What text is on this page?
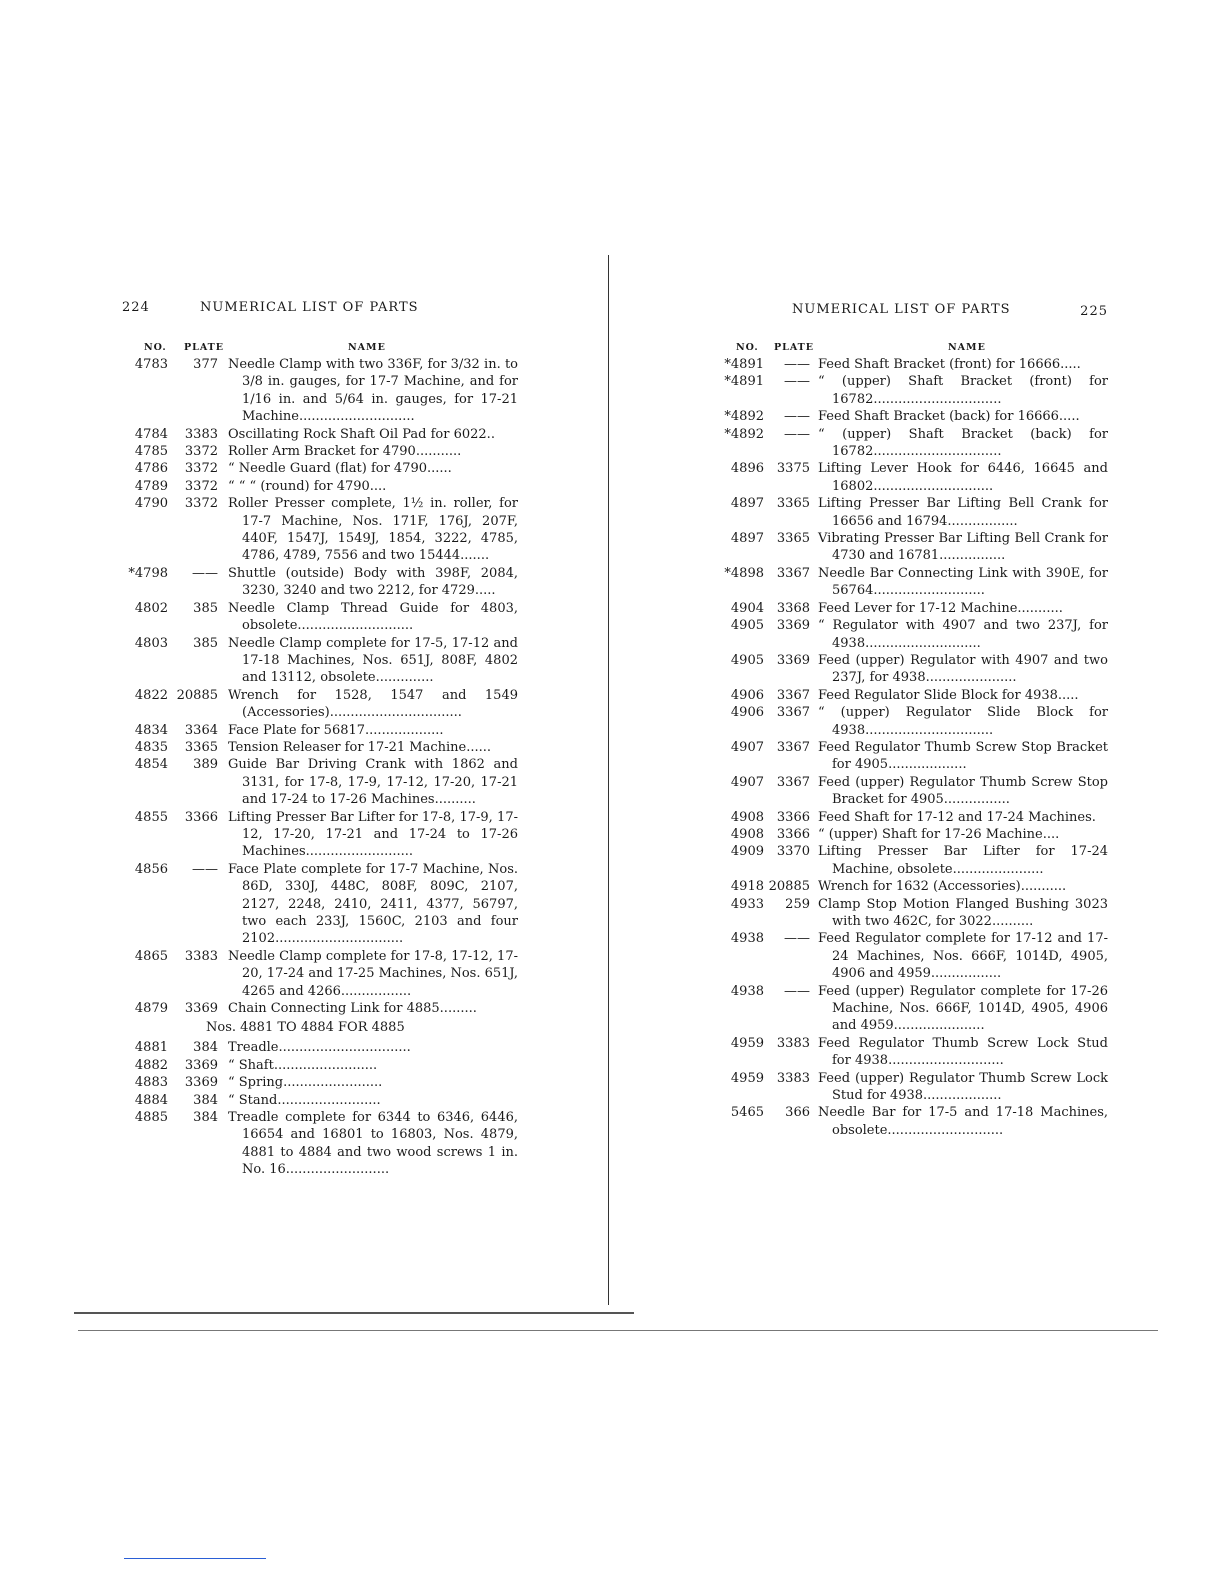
224	NUMERICAL LIST OF PARTS
NO. PLATE	NAME
4783	377 Needle Clamp with two 336F, for 3/32 in. to 3/8 in. gauges, for 17-7 Machine, and for 1/16 in. and 5/64 in. gauges, for 17-21 Machine............................
4784	3383 Oscillating Rock Shaft Oil Pad for 6022..
4785	3372 Roller Arm Bracket for 4790...........
4786	3372 “ Needle Guard (flat) for 4790......
4789	3372 “ “ “ (round) for 4790....
4790	3372 Roller Presser complete, 1½ in. roller, for 17-7 Machine, Nos. 171F, 176J, 207F, 440F, 1547J, 1549J, 1854, 3222, 4785, 4786, 4789, 7556 and two 15444.......
*4798	—— Shuttle (outside) Body with 398F, 2084, 3230, 3240 and two 2212, for 4729.....
4802	385 Needle Clamp Thread Guide for 4803, obsolete............................
4803	385 Needle Clamp complete for 17-5, 17-12 and 17-18 Machines, Nos. 651J, 808F, 4802 and 13112, obsolete..............
4822 20885 Wrench for 1528, 1547 and 1549 (Accessories)................................
4834	3364 Face Plate for 56817...................
4835	3365 Tension Releaser for 17-21 Machine......
4854	389 Guide Bar Driving Crank with 1862 and 3131, for 17-8, 17-9, 17-12, 17-20, 17-21 and 17-24 to 17-26 Machines..........
4855	3366 Lifting Presser Bar Lifter for 17-8, 17-9, 17-12, 17-20, 17-21 and 17-24 to 17-26 Machines..........................
4856	—— Face Plate complete for 17-7 Machine, Nos. 86D, 330J, 448C, 808F, 809C, 2107, 2127, 2248, 2410, 2411, 4377, 56797, two each 233J, 1560C, 2103 and four 2102...............................
4865	3383 Needle Clamp complete for 17-8, 17-12, 17-20, 17-24 and 17-25 Machines, Nos. 651J, 4265 and 4266.................
4879	3369 Chain Connecting Link for 4885.........
Nos. 4881 TO 4884 FOR 4885
4881	384 Treadle................................
4882	3369 “ Shaft.........................
4883	3369 “ Spring........................
4884	384 “ Stand.........................
4885	384 Treadle complete for 6344 to 6346, 6446, 16654 and 16801 to 16803, Nos. 4879, 4881 to 4884 and two wood screws 1 in. No. 16.........................
NUMERICAL LIST OF PARTS	225
NO. PLATE	NAME
*4891	—— Feed Shaft Bracket (front) for 16666.....
*4891	—— “ (upper) Shaft Bracket (front) for 16782...............................
*4892	—— Feed Shaft Bracket (back) for 16666.....
*4892	—— “ (upper) Shaft Bracket (back) for 16782...............................
4896 3375 Lifting Lever Hook for 6446, 16645 and 16802.............................
4897 3365 Lifting Presser Bar Lifting Bell Crank for 16656 and 16794.................
4897 3365 Vibrating Presser Bar Lifting Bell Crank for 4730 and 16781................
*4898 3367 Needle Bar Connecting Link with 390E, for 56764...........................
4904 3368 Feed Lever for 17-12 Machine...........
4905 3369 “ Regulator with 4907 and two 237J, for 4938............................
4905 3369 Feed (upper) Regulator with 4907 and two 237J, for 4938......................
4906 3367 Feed Regulator Slide Block for 4938.....
4906 3367 “ (upper) Regulator Slide Block for 4938...............................
4907 3367 Feed Regulator Thumb Screw Stop Bracket for 4905...................
4907 3367 Feed (upper) Regulator Thumb Screw Stop Bracket for 4905................
4908 3366 Feed Shaft for 17-12 and 17-24 Machines.
4908 3366 “ (upper) Shaft for 17-26 Machine....
4909 3370 Lifting Presser Bar Lifter for 17-24 Machine, obsolete......................
4918 20885 Wrench for 1632 (Accessories)...........
4933	259 Clamp Stop Motion Flanged Bushing 3023 with two 462C, for 3022..........
4938	—— Feed Regulator complete for 17-12 and 17-24 Machines, Nos. 666F, 1014D, 4905, 4906 and 4959.................
4938	—— Feed (upper) Regulator complete for 17-26 Machine, Nos. 666F, 1014D, 4905, 4906 and 4959......................
4959 3383 Feed Regulator Thumb Screw Lock Stud for 4938............................
4959 3383 Feed (upper) Regulator Thumb Screw Lock Stud for 4938...................
5465	366 Needle Bar for 17-5 and 17-18 Machines, obsolete............................
